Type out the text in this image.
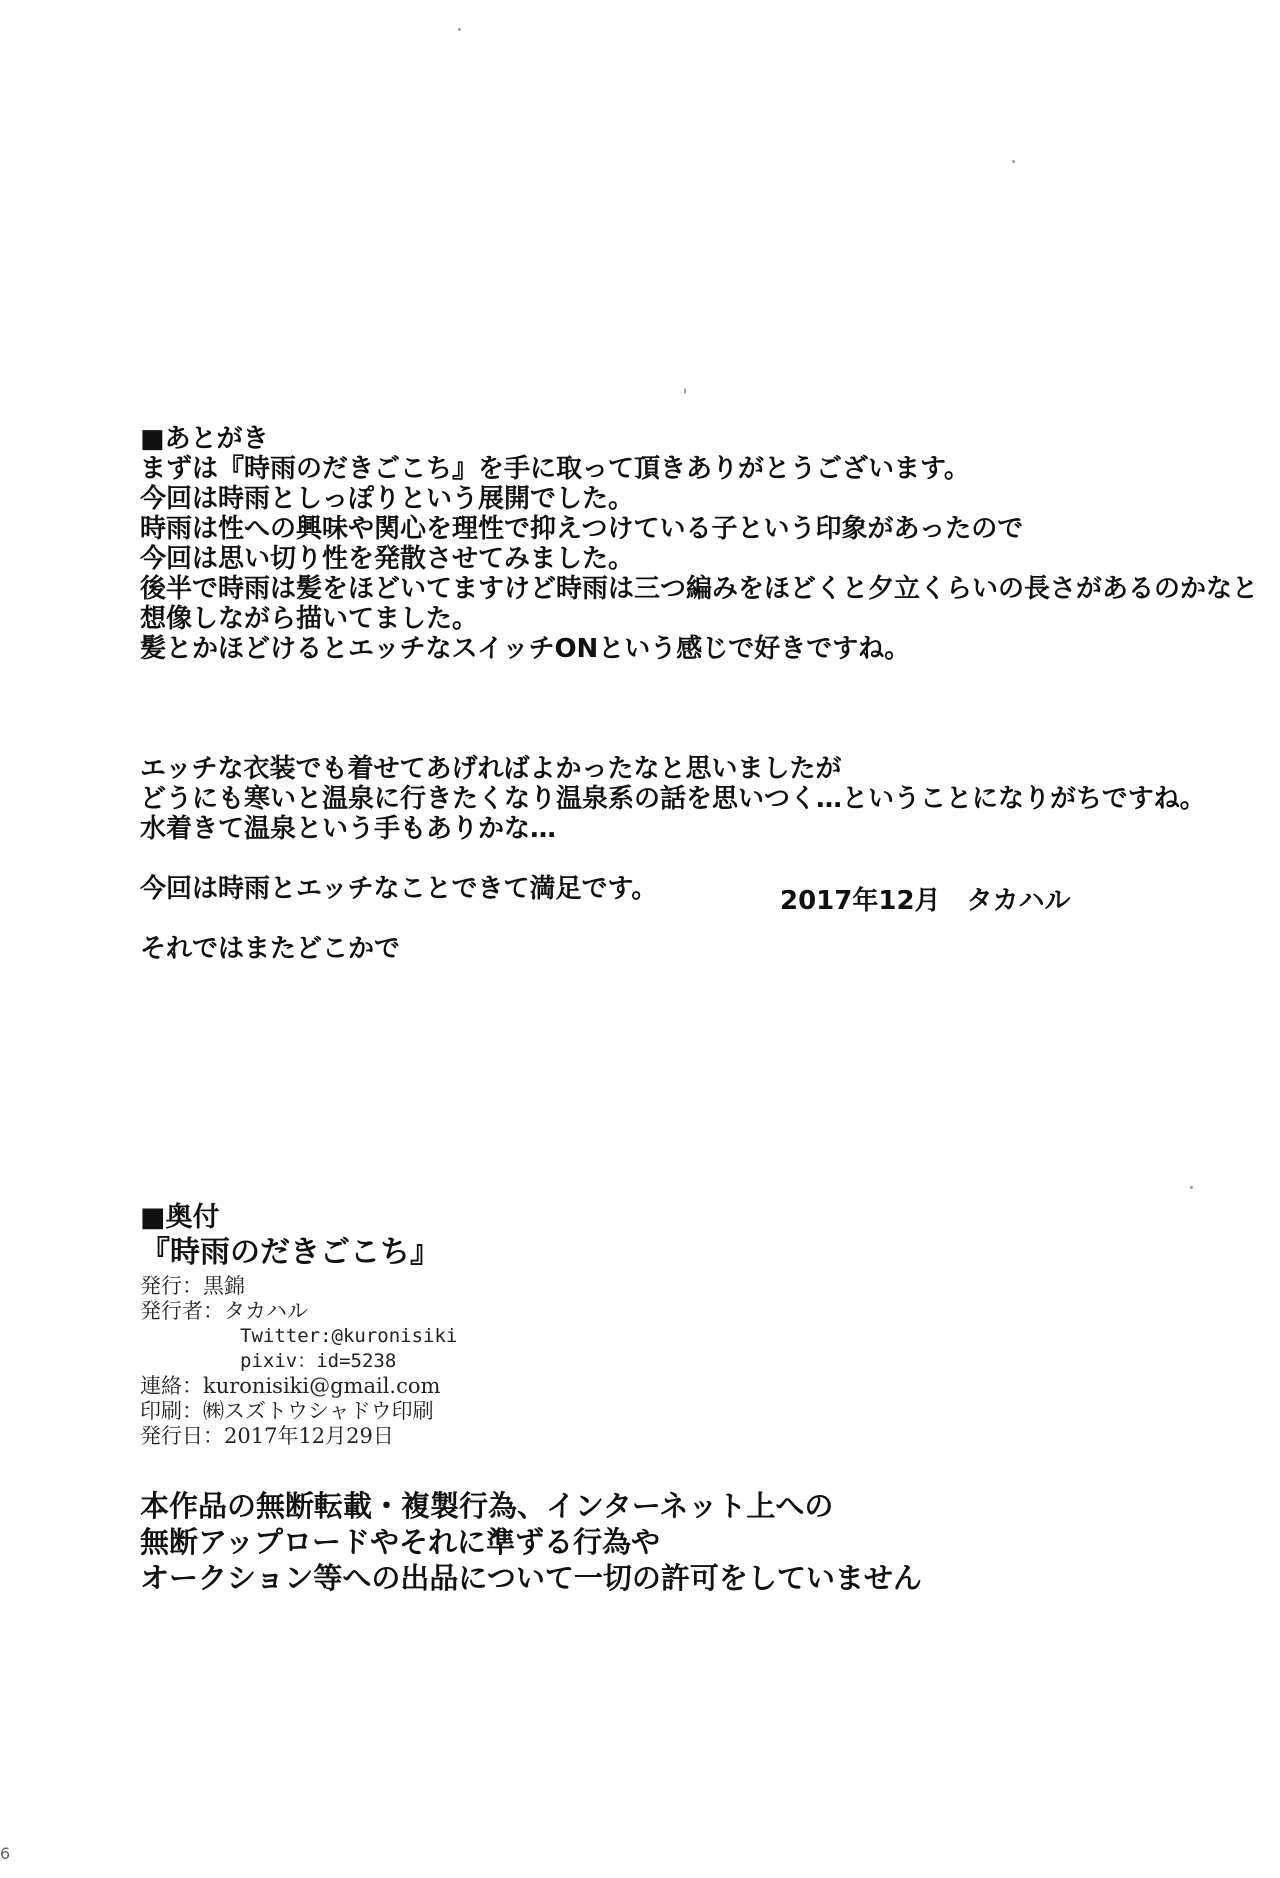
■あとがき
まずは『時雨のだきごこち』を手に取って頂きありがとうございます。
今回は時雨としっぽりという展開でした。
時雨は性への興味や関心を理性で抑えつけている子という印象があったので
今回は思い切り性を発散させてみました。
後半で時雨は髪をほどいてますけど時雨は三つ編みをほどくと夕立くらいの長さがあるのかなと
想像しながら描いてました。
髪とかほどけるとエッチなスイッチONという感じで好きですね。
エッチな衣装でも着せてあげればよかったなと思いましたが
どうにも寒いと温泉に行きたくなり温泉系の話を思いつく…ということになりがちですね。
水着きて温泉という手もありかな…
今回は時雨とエッチなことできて満足です。
それではまたどこかで
2017年12月　タカハル
■奥付
『時雨のだきごこち』
発行：黒錦
発行者：タカハル
Twitter:@kuronisiki
pixiv：id=5238
連絡：kuronisiki@gmail.com
印刷：㈱スズトウシャドウ印刷
発行日：2017年12月29日
本作品の無断転載・複製行為、インターネット上への
無断アップロードやそれに準ずる行為や
オークション等への出品について一切の許可をしていません
6
